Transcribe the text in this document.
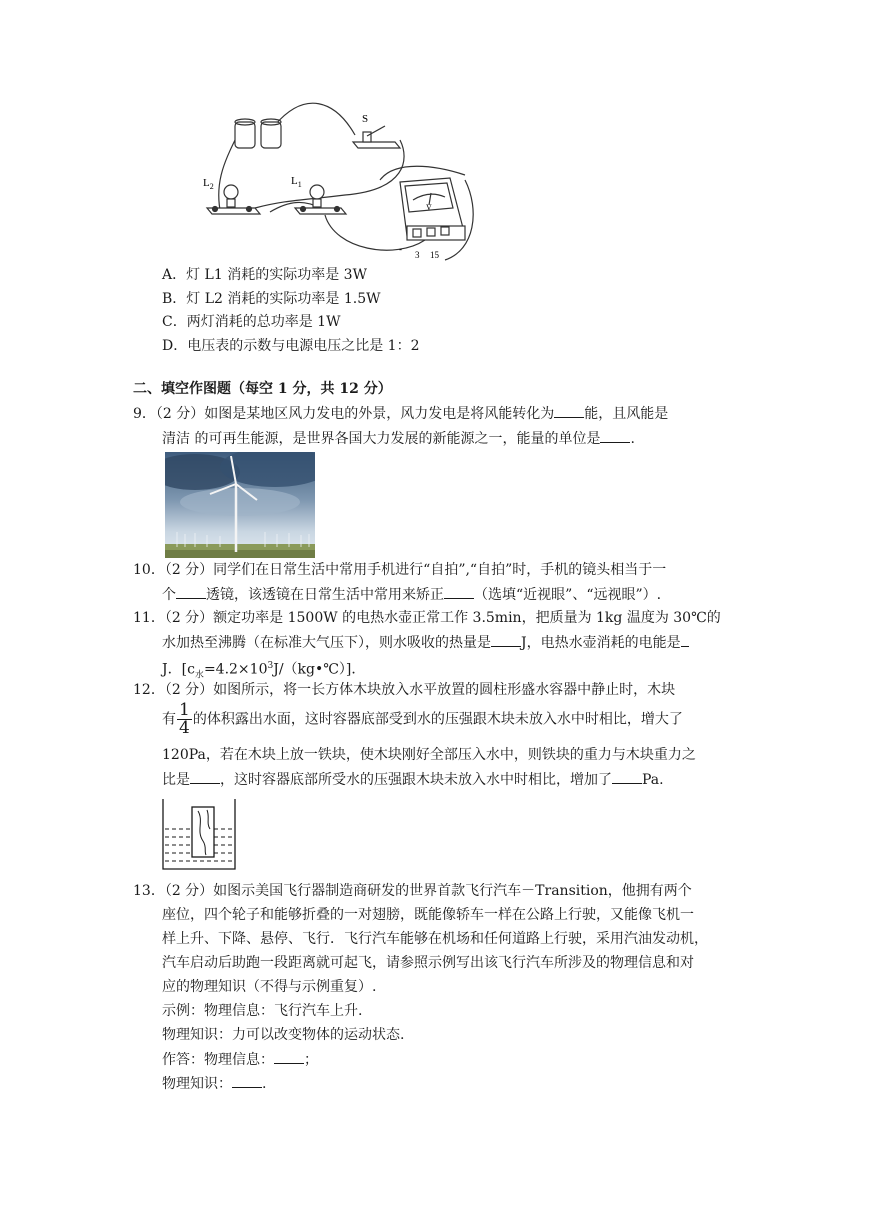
S
$L_2$	$L_1$
V
-
3 15
A．灯 L1 消耗的实际功率是 3W
B．灯 L2 消耗的实际功率是 1.5W
C．两灯消耗的总功率是 1W
D．电压表的示数与电源电压之比是 1：2
二、填空作图题（每空 1 分，共 12 分）
9．（2 分）如图是某地区风力发电的外景，风力发电是将风能转化为 能，且风能是
清洁 的可再生能源，是世界各国大力发展的新能源之一，能量的单位是 .
10．（2 分）同学们在日常生活中常用手机进行“自拍”,“自拍”时，手机的镜头相当于一
个 透镜，该透镜在日常生活中常用来矫正 （选填“近视眼”、“远视眼”）.
11．（2 分）额定功率是 1500W 的电热水壶正常工作 3.5min，把质量为 1kg 温度为 30℃的
水加热至沸腾（在标准大气压下），则水吸收的热量是 J，电热水壶消耗的电能是
J．$[c_水=4.2\times 10^3J/(kg•℃)]$．
12．（2 分）如图所示，将一长方体木块放入水平放置的圆柱形盛水容器中静止时，木块
有 $\frac{1}{4}$ 的体积露出水面，这时容器底部受到水的压强跟木块未放入水中时相比，增大了
120Pa，若在木块上放一铁块，使木块刚好全部压入水中，则铁块的重力与木块重力之
比是 ，这时容器底部所受水的压强跟木块未放入水中时相比，增加了 Pa.
13．（2 分）如图示美国飞行器制造商研发的世界首款飞行汽车－Transition，他拥有两个
座位，四个轮子和能够折叠的一对翅膀，既能像轿车一样在公路上行驶，又能像飞机一
样上升、下降、悬停、飞行．飞行汽车能够在机场和任何道路上行驶，采用汽油发动机，
汽车启动后助跑一段距离就可起飞，请参照示例写出该飞行汽车所涉及的物理信息和对
应的物理知识（不得与示例重复）.
示例：物理信息：飞行汽车上升.
物理知识：力可以改变物体的运动状态.
作答：物理信息： ；
物理知识： .
